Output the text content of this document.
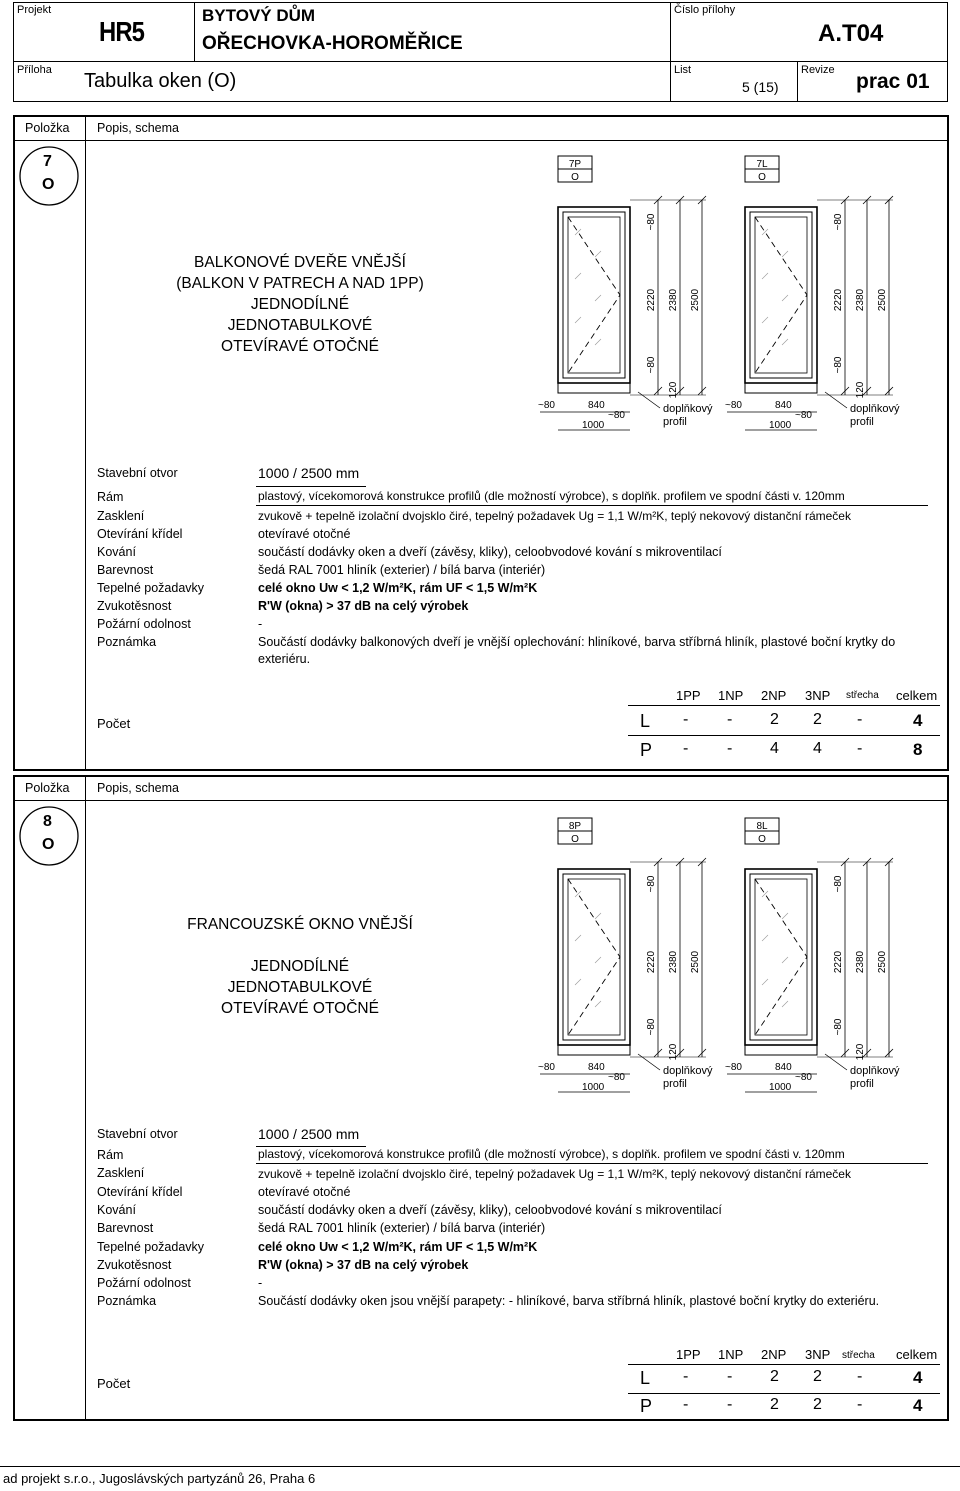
Projekt
HR5
BYTOVÝ DŮM
OŘECHOVKA-HOROMĚŘICE
Číslo přílohy
A.T04
Příloha Tabulka oken (O)	List
5 (15)
Revize prac 01
Položka Popis, schema
7
O
BALKONOVÉ DVEŘE VNĚJŠÍ
(BALKON V PATRECH A NAD 1PP)
JEDNODÍLNÉ
JEDNOTABULKOVÉ
OTEVÍRAVÉ OTOČNÉ
7P
O
~80
2220 2380 2500
~80
120
~80	840
~80
1000
doplňkový
profil
7L
O
~80
2220 2380 2500
~80
120
~80	840
~80
1000
doplňkový
profil
Stavební otvor	1000 / 2500 mm
Rám	plastový, vícekomorová konstrukce profilů (dle možností výrobce), s doplňk. profilem ve spodní části v. 120mm
Zasklení	zvukově + tepelně izolační dvojsklo čiré, tepelný požadavek Ug = 1,1 W/m²K, teplý nekovový distanční rámeček
Otevírání křídel	otevíravé otočné
Kování	součástí dodávky oken a dveří (závěsy, kliky), celoobvodové kování s mikroventilací
Barevnost	šedá RAL 7001 hliník (exterier) / bílá barva (interiér)
Tepelné požadavky	celé okno Uw < 1,2 W/m²K, rám UF < 1,5 W/m²K
Zvukotěsnost	R'W (okna) > 37 dB na celý výrobek
Požární odolnost	-
Poznámka	Součástí dodávky balkonových dveří je vnější oplechování: hliníkové, barva stříbrná hliník, plastové boční krytky do
exteriéru.
Počet
1PP 1NP 2NP 3NP střecha celkem
L - - 2 2 -	4
P - - 4 4 -	8
Položka Popis, schema
8
O
FRANCOUZSKÉ OKNO VNĚJŠÍ
JEDNODÍLNÉ
JEDNOTABULKOVÉ
OTEVÍRAVÉ OTOČNÉ
8P
O
~80
2220 2380 2500
~80
120
~80	840
~80
1000
doplňkový
profil
8L
O
~80
2220 2380 2500
~80
120
~80	840
~80
1000
doplňkový
profil
Stavební otvor	1000 / 2500 mm
Rám	plastový, vícekomorová konstrukce profilů (dle možností výrobce), s doplňk. profilem ve spodní části v. 120mm
Zasklení	zvukově + tepelně izolační dvojsklo čiré, tepelný požadavek Ug = 1,1 W/m²K, teplý nekovový distanční rámeček
Otevírání křídel	otevíravé otočné
Kování	součástí dodávky oken a dveří (závěsy, kliky), celoobvodové kování s mikroventilací
Barevnost	šedá RAL 7001 hliník (exterier) / bílá barva (interiér)
Tepelné požadavky	celé okno Uw < 1,2 W/m²K, rám UF < 1,5 W/m²K
Zvukotěsnost	R'W (okna) > 37 dB na celý výrobek
Požární odolnost	-
Poznámka	Součástí dodávky oken jsou vnější parapety: - hliníkové, barva stříbrná hliník, plastové boční krytky do exteriéru.
Počet
1PP 1NP 2NP 3NP střecha celkem
L - - 2 2 -	4
P - - 2 2 -	4
ad projekt s.r.o., Jugoslávských partyzánů 26, Praha 6
